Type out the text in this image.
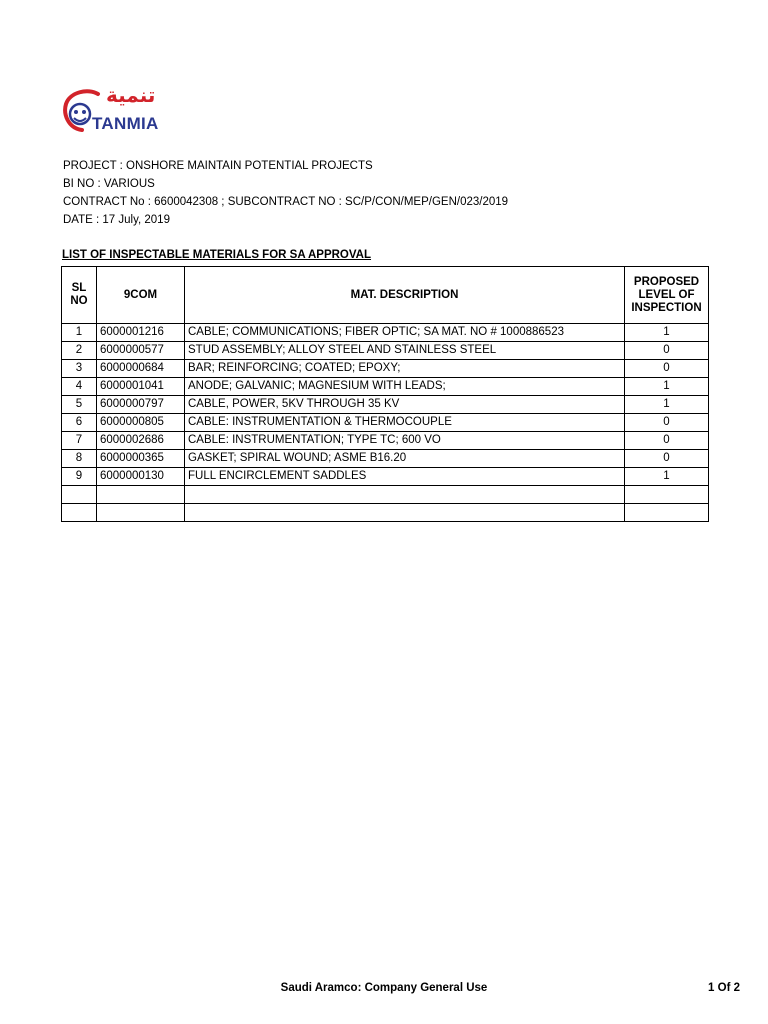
تنمية
TANMIA
PROJECT : ONSHORE MAINTAIN POTENTIAL PROJECTS
BI NO : VARIOUS
CONTRACT No : 6600042308 ; SUBCONTRACT NO : SC/P/CON/MEP/GEN/023/2019
DATE : 17 July, 2019
LIST OF INSPECTABLE MATERIALS FOR SA APPROVAL
SL NO	9COM	MAT. DESCRIPTION	PROPOSED LEVEL OF INSPECTION
1	6000001216	CABLE; COMMUNICATIONS; FIBER OPTIC; SA MAT. NO # 1000886523	1
2	6000000577	STUD ASSEMBLY; ALLOY STEEL AND STAINLESS STEEL	0
3	6000000684	BAR; REINFORCING; COATED; EPOXY;	0
4	6000001041	ANODE; GALVANIC; MAGNESIUM WITH LEADS;	1
5	6000000797	CABLE, POWER, 5KV THROUGH 35 KV	1
6	6000000805	CABLE: INSTRUMENTATION & THERMOCOUPLE	0
7	6000002686	CABLE: INSTRUMENTATION; TYPE TC; 600 VO	0
8	6000000365	GASKET; SPIRAL WOUND; ASME B16.20	0
9	6000000130	FULL ENCIRCLEMENT SADDLES	1

Saudi Aramco: Company General Use	1 Of 2
